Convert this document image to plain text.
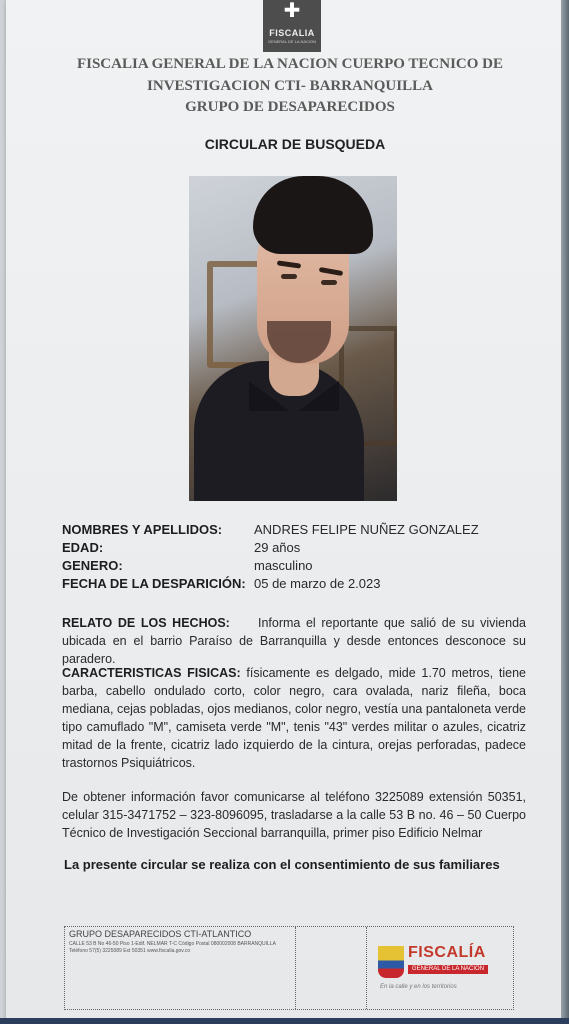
✚
FISCALIA
GENERAL DE LA NACION
FISCALIA GENERAL DE LA NACION CUERPO TECNICO DE
INVESTIGACION CTI- BARRANQUILLA
GRUPO DE DESAPARECIDOS
CIRCULAR DE BUSQUEDA
NOMBRES Y APELLIDOS: ANDRES FELIPE NUÑEZ GONZALEZ
EDAD:	29 años
GENERO:	masculino
FECHA DE LA DESPARICIÓN: 05 de marzo de 2.023
RELATO DE LOS HECHOS: Informa el reportante que salió de su vivienda ubicada en el barrio Paraíso de Barranquilla y desde entonces desconoce su paradero.
CARACTERISTICAS FISICAS: físicamente es delgado, mide 1.70 metros, tiene barba, cabello ondulado corto, color negro, cara ovalada, nariz fileña, boca mediana, cejas pobladas, ojos medianos, color negro, vestía una pantaloneta verde tipo camuflado "M", camiseta verde "M", tenis "43" verdes militar o azules, cicatriz mitad de la frente, cicatriz lado izquierdo de la cintura, orejas perforadas, padece trastornos Psiquiátricos.
De obtener información favor comunicarse al teléfono 3225089 extensión 50351, celular 315-3471752 – 323-8096095, trasladarse a la calle 53 B no. 46 – 50 Cuerpo Técnico de Investigación Seccional barranquilla, primer piso Edificio Nelmar
La presente circular se realiza con el consentimiento de sus familiares
GRUPO DESAPARECIDOS CTI-ATLANTICO
CALLE 53 B No 46-50 Piso 1-Edif. NELMAR T-C Código Postal 080002008 BARRANQUILLA Teléfono 57(5) 3225089 Ext 50351 www.fiscalia.gov.co	FISCALÍA
GENERAL DE LA NACIÓN
En la calle y en los territorios
